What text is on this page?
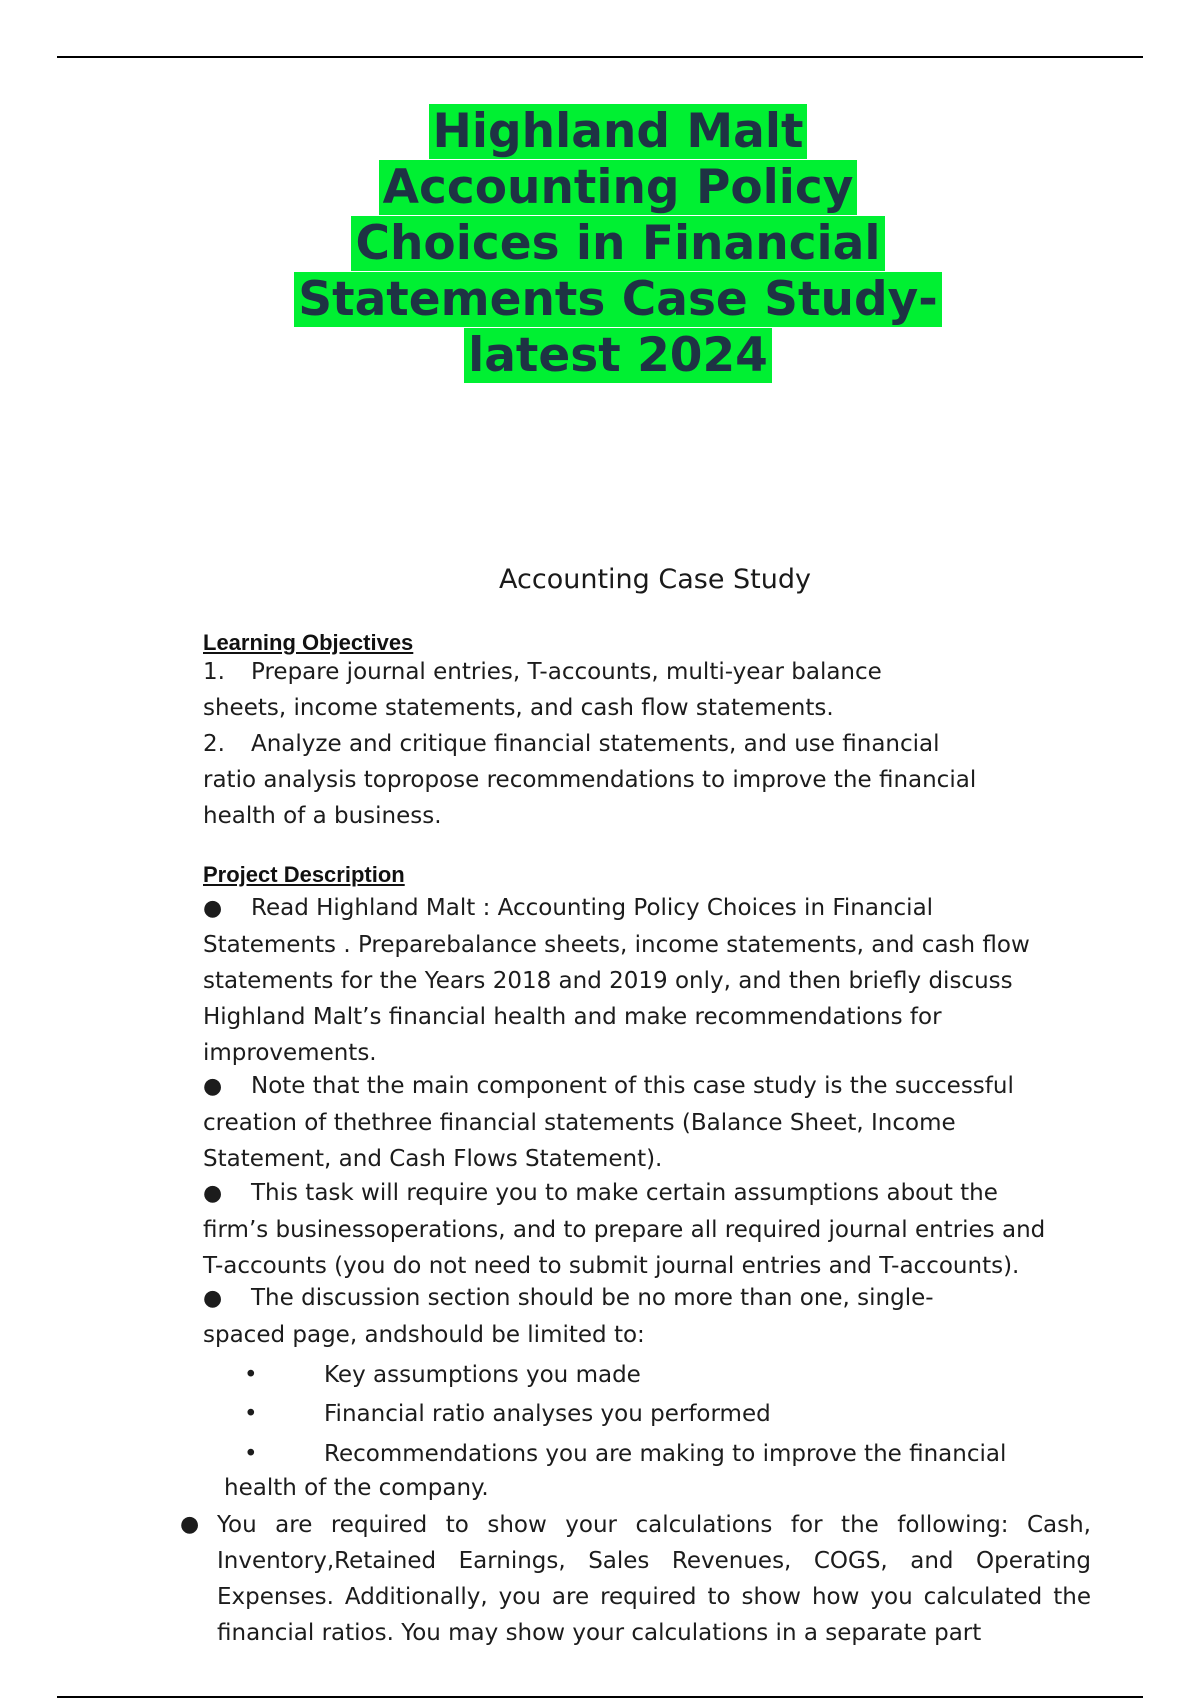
Highland Malt
Accounting Policy
Choices in Financial
Statements Case Study-
latest 2024
Accounting Case Study
Learning Objectives
1. Prepare journal entries, T-accounts, multi-year balance
sheets, income statements, and cash flow statements.
2. Analyze and critique financial statements, and use financial
ratio analysis topropose recommendations to improve the financial
health of a business.
Project Description
● Read Highland Malt : Accounting Policy Choices in Financial
Statements . Preparebalance sheets, income statements, and cash flow
statements for the Years 2018 and 2019 only, and then briefly discuss
Highland Malt’s financial health and make recommendations for
improvements.
● Note that the main component of this case study is the successful
creation of thethree financial statements (Balance Sheet, Income
Statement, and Cash Flows Statement).
● This task will require you to make certain assumptions about the
firm’s businessoperations, and to prepare all required journal entries and
T-accounts (you do not need to submit journal entries and T-accounts).
● The discussion section should be no more than one, single-
spaced page, andshould be limited to:
•	Key assumptions you made
•	Financial ratio analyses you performed
•	Recommendations you are making to improve the financial
health of the company.
● You are required to show your calculations for the following: Cash, Inventory,Retained Earnings, Sales Revenues, COGS, and Operating Expenses. Additionally, you are required to show how you calculated the financial ratios. You may show your calculations in a separate part
